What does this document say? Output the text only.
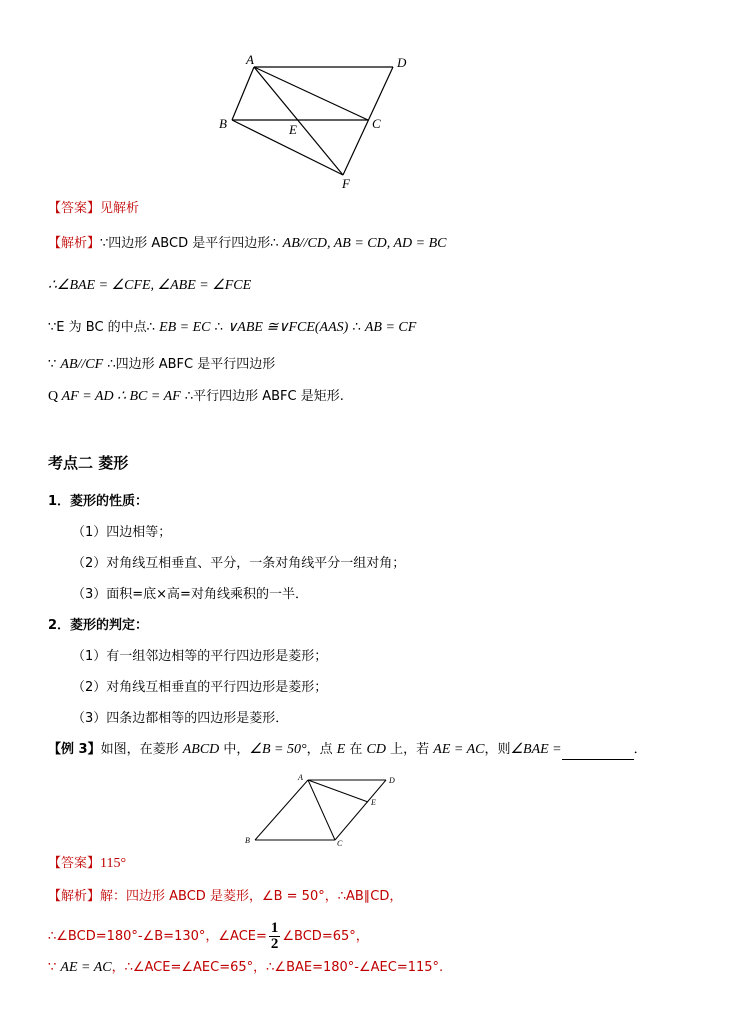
A	D
B	C
E
F
【答案】见解析
【解析】∵四边形 ABCD 是平行四边形∴ AB//CD, AB = CD, AD = BC
∴∠BAE = ∠CFE, ∠ABE = ∠FCE
∵E 为 BC 的中点∴ EB = EC ∴ ∨ABE ≅∨FCE(AAS) ∴ AB = CF
∵ AB//CF ∴四边形 ABFC 是平行四边形
Q AF = AD ∴ BC = AF ∴平行四边形 ABFC 是矩形.
考点二 菱形
1．菱形的性质：
（1）四边相等；
（2）对角线互相垂直、平分，一条对角线平分一组对角；
（3）面积=底×高=对角线乘积的一半．
2．菱形的判定：
（1）有一组邻边相等的平行四边形是菱形；
（2）对角线互相垂直的平行四边形是菱形；
（3）四条边都相等的四边形是菱形．
【例 3】如图，在菱形 ABCD 中，∠B = 50°，点 E 在 CD 上，若 AE = AC，则∠BAE =	．
A	D
E
B	C
【答案】115°
【解析】解：四边形 ABCD 是菱形，∠B = 50°，∴AB∥CD，
∴∠BCD=180°-∠B=130°，∠ACE= $\frac{1}{2}$ ∠BCD=65°，
∵ AE = AC，∴∠ACE=∠AEC=65°，∴∠BAE=180°-∠AEC=115°.
